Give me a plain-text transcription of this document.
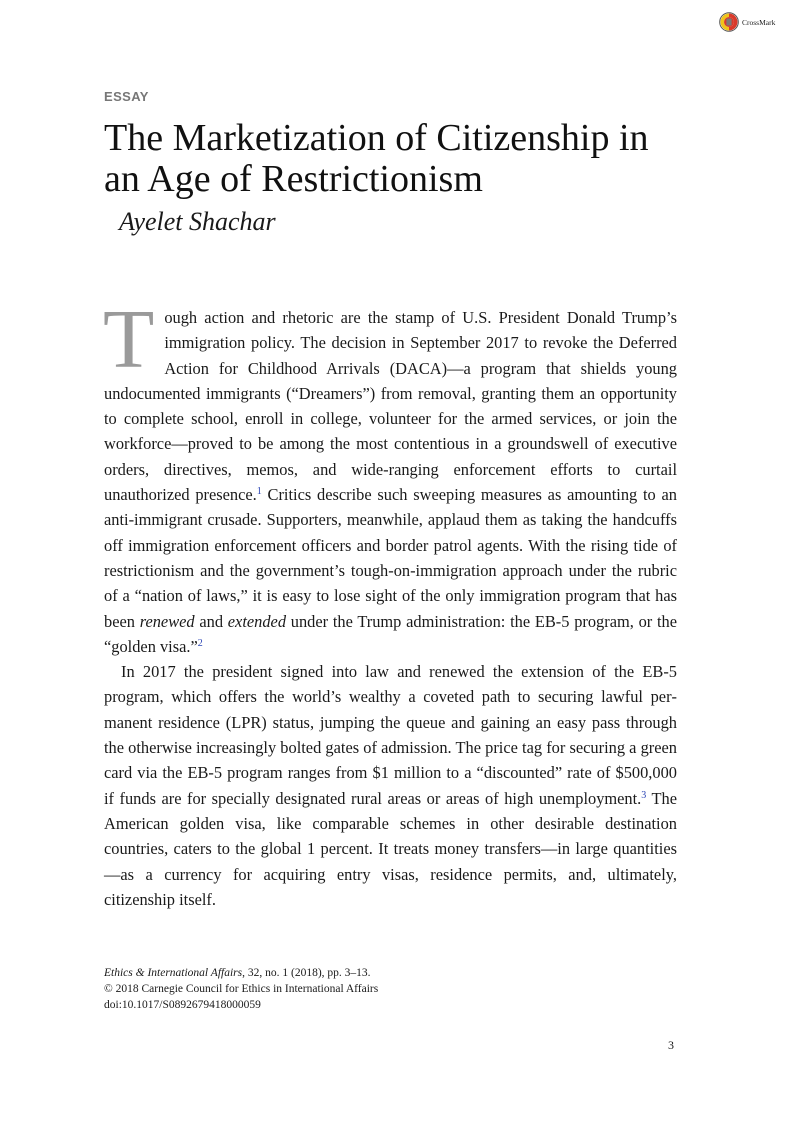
CrossMark
ESSAY
The Marketization of Citizenship in
an Age of Restrictionism
Ayelet Shachar

Tough action and rhetoric are the stamp of U.S. President Donald Trump’s immigration policy. The decision in September 2017 to revoke the Deferred Action for Childhood Arrivals (DACA)—a program that shields young undocumented immigrants (“Dreamers”) from removal, granting them an opportunity to complete school, enroll in college, volunteer for the armed services, or join the workforce—proved to be among the most contentious in a groundswell of executive orders, directives, memos, and wide-ranging enforcement efforts to curtail unauthorized presence.$^1$ Critics describe such sweeping measures as amounting to an anti-immigrant crusade. Supporters, meanwhile, applaud them as taking the handcuffs off immigration enforcement officers and border patrol agents. With the rising tide of restrictionism and the government’s tough-on-immigration approach under the rubric of a “nation of laws,” it is easy to lose sight of the only immigration program that has been renewed and extended under the Trump administration: the EB-5 program, or the “golden visa.”$^2$

In 2017 the president signed into law and renewed the extension of the EB-5 program, which offers the world’s wealthy a coveted path to securing lawful permanent residence (LPR) status, jumping the queue and gaining an easy pass through the otherwise increasingly bolted gates of admission. The price tag for securing a green card via the EB-5 program ranges from $1 million to a “discounted” rate of $500,000 if funds are for specially designated rural areas or areas of high unemployment.$^3$ The American golden visa, like comparable schemes in other desirable destination countries, caters to the global 1 percent. It treats money transfers—in large quantities—as a currency for acquiring entry visas, residence permits, and, ultimately, citizenship itself.

Ethics & International Affairs, 32, no. 1 (2018), pp. 3–13.
© 2018 Carnegie Council for Ethics in International Affairs
doi:10.1017/S0892679418000059
3
